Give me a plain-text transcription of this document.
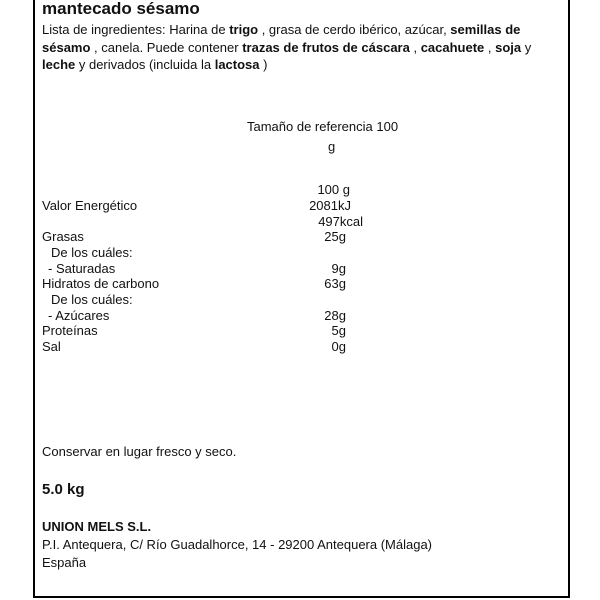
mantecado sésamo
Lista de ingredientes: Harina de trigo , grasa de cerdo ibérico, azúcar, semillas de sésamo , canela. Puede contener trazas de frutos de cáscara , cacahuete , soja y leche y derivados (incluida la lactosa )
Tamaño de referencia 100
g
100 g
Valor Energético	2081kJ
497kcal
Grasas	25g
De los cuáles:
- Saturadas	9g
Hidratos de carbono	63g
De los cuáles:
- Azúcares	28g
Proteínas	5g
Sal	0g
Conservar en lugar fresco y seco.
5.0 kg
UNION MELS S.L.
P.I. Antequera, C/ Río Guadalhorce, 14 - 29200 Antequera (Málaga)
España
